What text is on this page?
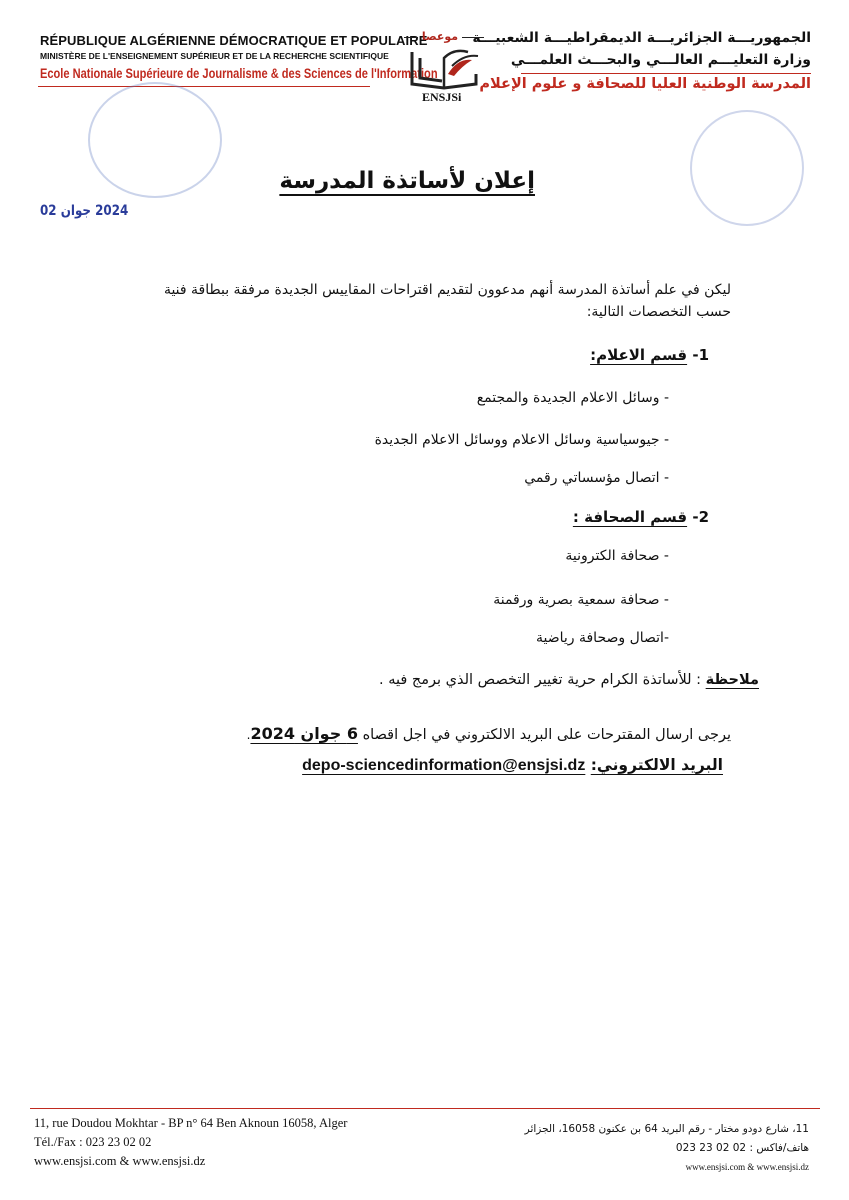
RÉPUBLIQUE ALGÉRIENNE DÉMOCRATIQUE ET POPULAIRE
MINISTÈRE DE L'ENSEIGNEMENT SUPÉRIEUR ET DE LA RECHERCHE SCIENTIFIQUE
Ecole Nationale Supérieure de Journalisme & des Sciences de l'Information
الجمهوريـــة الجزائريـــة الديمقراطيـــة الشعبيـــة
وزارة التعليـــم العالـــي والبحـــث العلمـــي
المدرسة الوطنية العليا للصحافة و علوم الإعلام
موعصا
ENSJSi
2024 جوان 02
إعلان لأساتذة المدرسة
ليكن في علم أساتذة المدرسة أنهم مدعوون لتقديم اقتراحات المقاييس الجديدة مرفقة ببطاقة فنية
حسب التخصصات التالية:
1- قسم الاعلام:
- وسائل الاعلام الجديدة والمجتمع
- جيوسياسية وسائل الاعلام ووسائل الاعلام الجديدة
- اتصال مؤسساتي رقمي
2- قسم الصحافة :
- صحافة الكترونية
- صحافة سمعية بصرية ورقمنة
-اتصال وصحافة رياضية
ملاحظة : للأساتذة الكرام حرية تغيير التخصص الذي برمج فيه .
يرجى ارسال المقترحات على البريد الالكتروني في اجل اقصاه 6 جوان 2024.
البريد الالكتروني: depo-sciencedinformation@ensjsi.dz
11, rue Doudou Mokhtar - BP n° 64 Ben Aknoun 16058, Alger
Tél./Fax : 023 23 02 02
www.ensjsi.com & www.ensjsi.dz
11، شارع دودو مختار - رقم البريد 64 بن عكنون 16058، الجزائر
هاتف/فاكس : 02 02 23 023
www.ensjsi.com & www.ensjsi.dz
